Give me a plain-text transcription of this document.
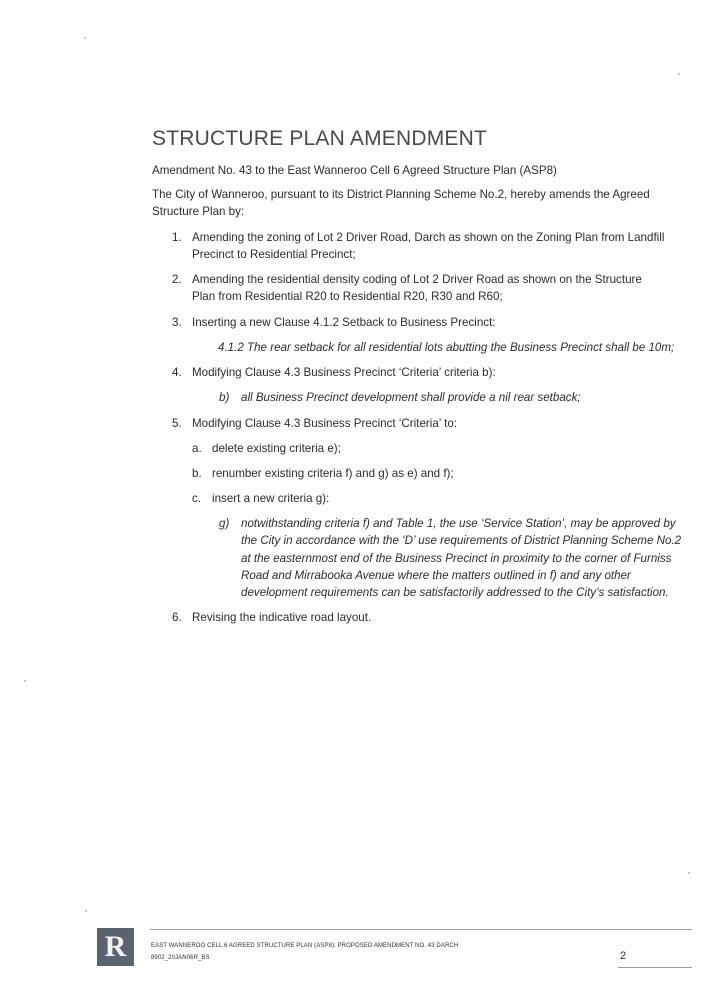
STRUCTURE PLAN AMENDMENT
Amendment No. 43 to the East Wanneroo Cell 6 Agreed Structure Plan (ASP8)
The City of Wanneroo, pursuant to its District Planning Scheme No.2, hereby amends the Agreed
Structure Plan by:
1. Amending the zoning of Lot 2 Driver Road, Darch as shown on the Zoning Plan from Landfill
Precinct to Residential Precinct;
2. Amending the residential density coding of Lot 2 Driver Road as shown on the Structure
Plan from Residential R20 to Residential R20, R30 and R60;
3. Inserting a new Clause 4.1.2 Setback to Business Precinct:
4.1.2 The rear setback for all residential lots abutting the Business Precinct shall be 10m;
4. Modifying Clause 4.3 Business Precinct ‘Criteria’ criteria b):
b) all Business Precinct development shall provide a nil rear setback;
5. Modifying Clause 4.3 Business Precinct ‘Criteria’ to:
a. delete existing criteria e);
b. renumber existing criteria f) and g) as e) and f);
c. insert a new criteria g):
g) notwithstanding criteria f) and Table 1, the use ‘Service Station’, may be approved by
the City in accordance with the ‘D’ use requirements of District Planning Scheme No.2
at the easternmost end of the Business Precinct in proximity to the corner of Furniss
Road and Mirrabooka Avenue where the matters outlined in f) and any other
development requirements can be satisfactorily addressed to the City’s satisfaction.
6. Revising the indicative road layout.
R	EAST WANNEROO CELL 6 AGREED STRUCTURE PLAN (ASP8): PROPOSED AMENDMENT NO. 43 DARCH
8902_20JAN06R_BS	2
